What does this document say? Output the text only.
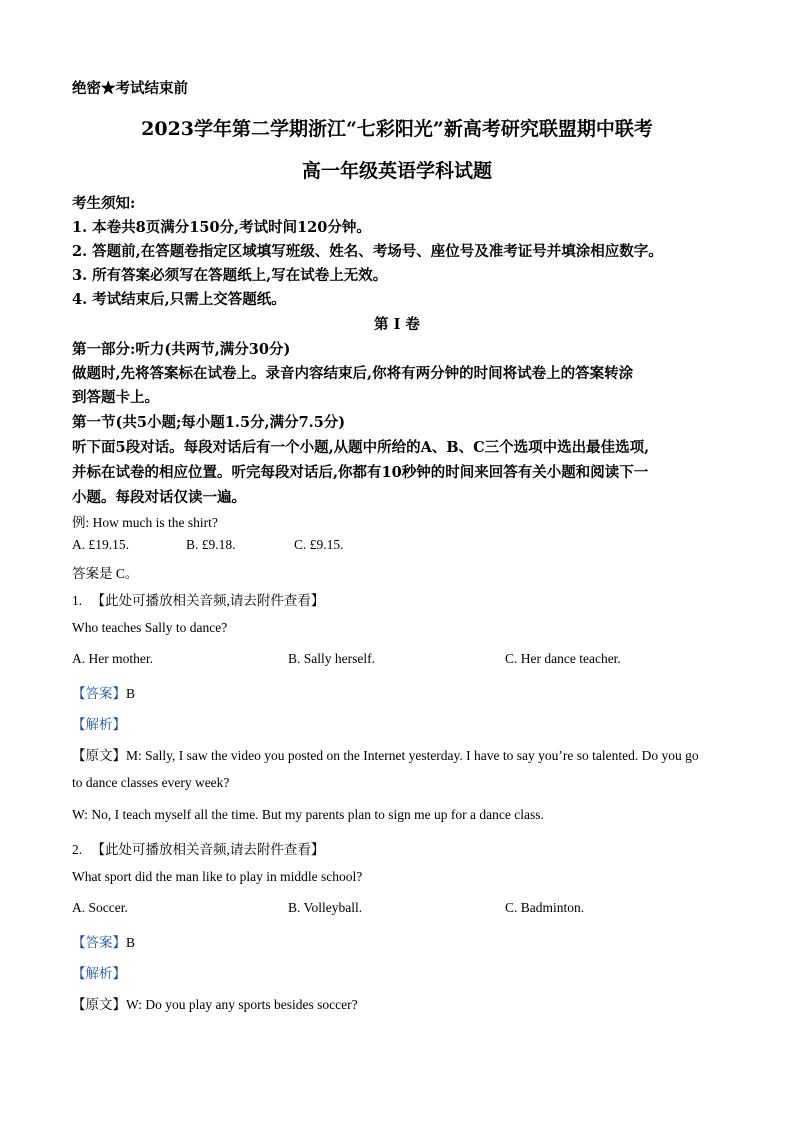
绝密★考试结束前
2023学年第二学期浙江“七彩阳光”新高考研究联盟期中联考
高一年级英语学科试题
考生须知:
1. 本卷共8页满分150分,考试时间120分钟。
2. 答题前,在答题卷指定区域填写班级、姓名、考场号、座位号及准考证号并填涂相应数字。
3. 所有答案必须写在答题纸上,写在试卷上无效。
4. 考试结束后,只需上交答题纸。
第 I 卷
第一部分:听力(共两节,满分30分)
做题时,先将答案标在试卷上。录音内容结束后,你将有两分钟的时间将试卷上的答案转涂
到答题卡上。
第一节(共5小题;每小题1.5分,满分7.5分)
听下面5段对话。每段对话后有一个小题,从题中所给的A、B、C三个选项中选出最佳选项,
并标在试卷的相应位置。听完每段对话后,你都有10秒钟的时间来回答有关小题和阅读下一
小题。每段对话仅读一遍。
例: How much is the shirt?
A. £19.15.	B. £9.18.	C. £9.15.
答案是 C。
1. 【此处可播放相关音频,请去附件查看】
Who teaches Sally to dance?
A. Her mother.	B. Sally herself.	C. Her dance teacher.
【答案】B
【解析】
【原文】M: Sally, I saw the video you posted on the Internet yesterday. I have to say you’re so talented. Do you go
to dance classes every week?
W: No, I teach myself all the time. But my parents plan to sign me up for a dance class.
2. 【此处可播放相关音频,请去附件查看】
What sport did the man like to play in middle school?
A. Soccer.	B. Volleyball.	C. Badminton.
【答案】B
【解析】
【原文】W: Do you play any sports besides soccer?
